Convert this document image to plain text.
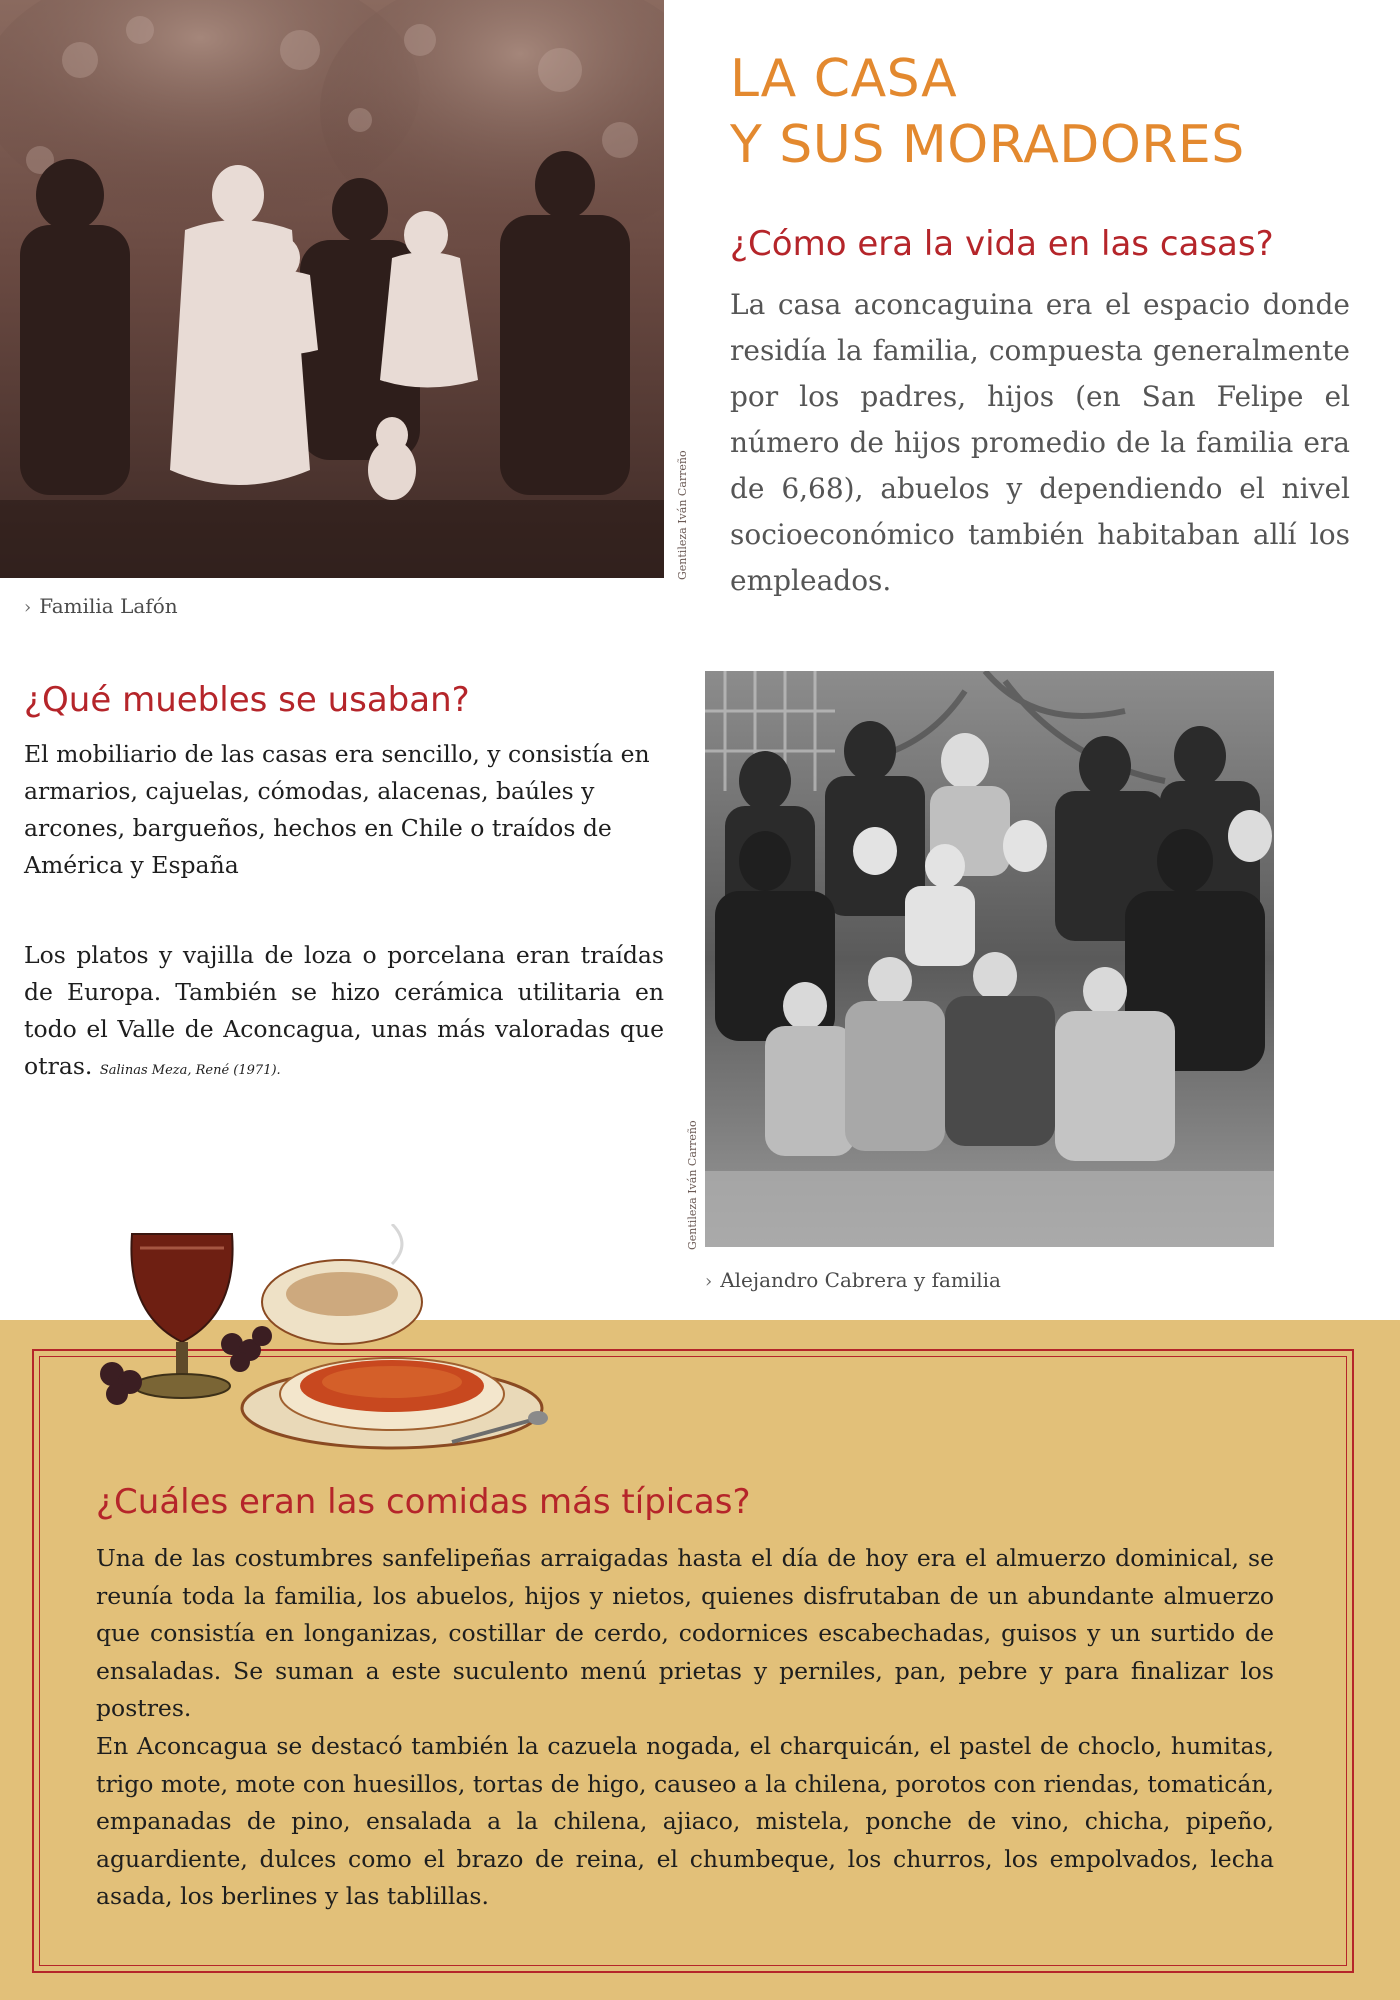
Gentileza Iván Carreño
› Familia Lafón
LA CASA
Y SUS MORADORES
¿Cómo era la vida en las casas?

La casa aconcaguina era el espacio donde residía la familia, compuesta generalmente por los padres, hijos (en San Felipe el número de hijos promedio de la familia era de 6,68), abuelos y dependiendo el nivel socioeconómico también habitaban allí los empleados.

¿Qué muebles se usaban?

El mobiliario de las casas era sencillo, y consistía en armarios, cajuelas, cómodas, alacenas, baúles y arcones, bargueños, hechos en Chile o traídos de América y España

Los platos y vajilla de loza o porcelana eran traídas de Europa. También se hizo cerámica utilitaria en todo el Valle de Aconcagua, unas más valoradas que otras. Salinas Meza, René (1971).

Gentileza Iván Carreño
› Alejandro Cabrera y familia
¿Cuáles eran las comidas más típicas?

Una de las costumbres sanfelipeñas arraigadas hasta el día de hoy era el almuerzo dominical, se reunía toda la familia, los abuelos, hijos y nietos, quienes disfrutaban de un abundante almuerzo que consistía en longanizas, costillar de cerdo, codornices escabechadas, guisos y un surtido de ensaladas. Se suman a este suculento menú prietas y perniles, pan, pebre y para finalizar los postres.

En Aconcagua se destacó también la cazuela nogada, el charquicán, el pastel de choclo, humitas, trigo mote, mote con huesillos, tortas de higo, causeo a la chilena, porotos con riendas, tomaticán, empanadas de pino, ensalada a la chilena, ajiaco, mistela, ponche de vino, chicha, pipeño, aguardiente, dulces como el brazo de reina, el chumbeque, los churros, los empolvados, lecha asada, los berlines y las tablillas.
